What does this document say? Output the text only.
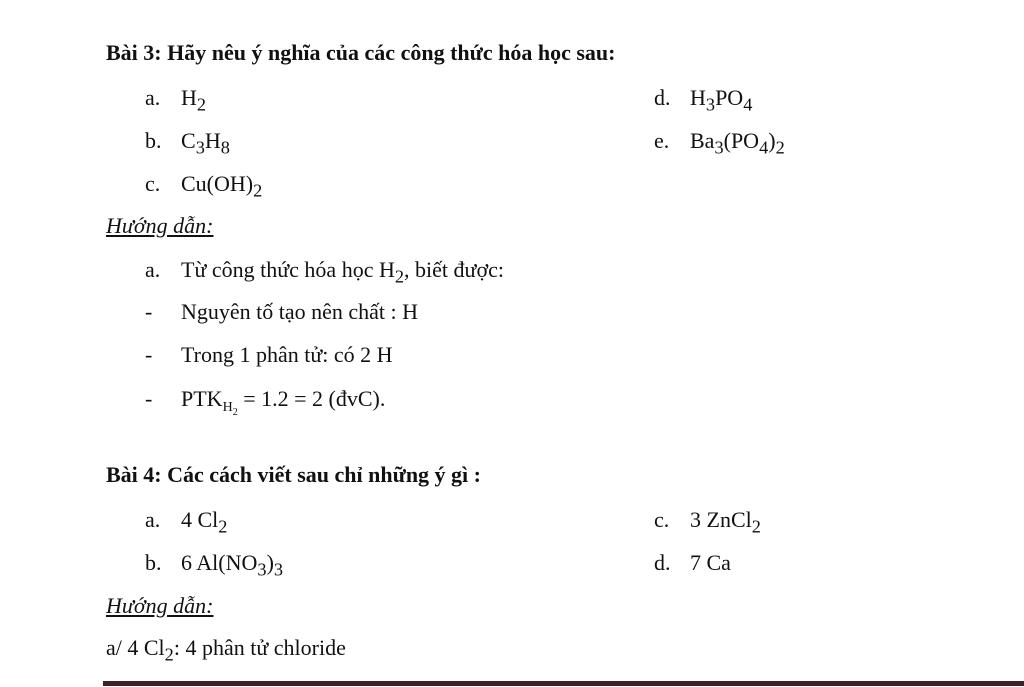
Bài 3: Hãy nêu ý nghĩa của các công thức hóa học sau:
a. $H_2$	d. $H_3PO_4$
b. $C_3H_8$	e. $Ba_3(PO_4)_2$
c. $Cu(OH)_2$
Hướng dẫn:
a. Từ công thức hóa học $H_2$, biết được:
- Nguyên tố tạo nên chất : H
- Trong 1 phân tử: có 2 H
- $PTK_{H_2} = 1.2 = 2$ (đvC).
Bài 4: Các cách viết sau chỉ những ý gì :
a. 4 $Cl_2$	c. 3 ZnCl$_2$
b. 6 $Al(NO_3)_3$	d. 7 Ca
Hướng dẫn:
a/ 4 $Cl_2$: 4 phân tử chloride
